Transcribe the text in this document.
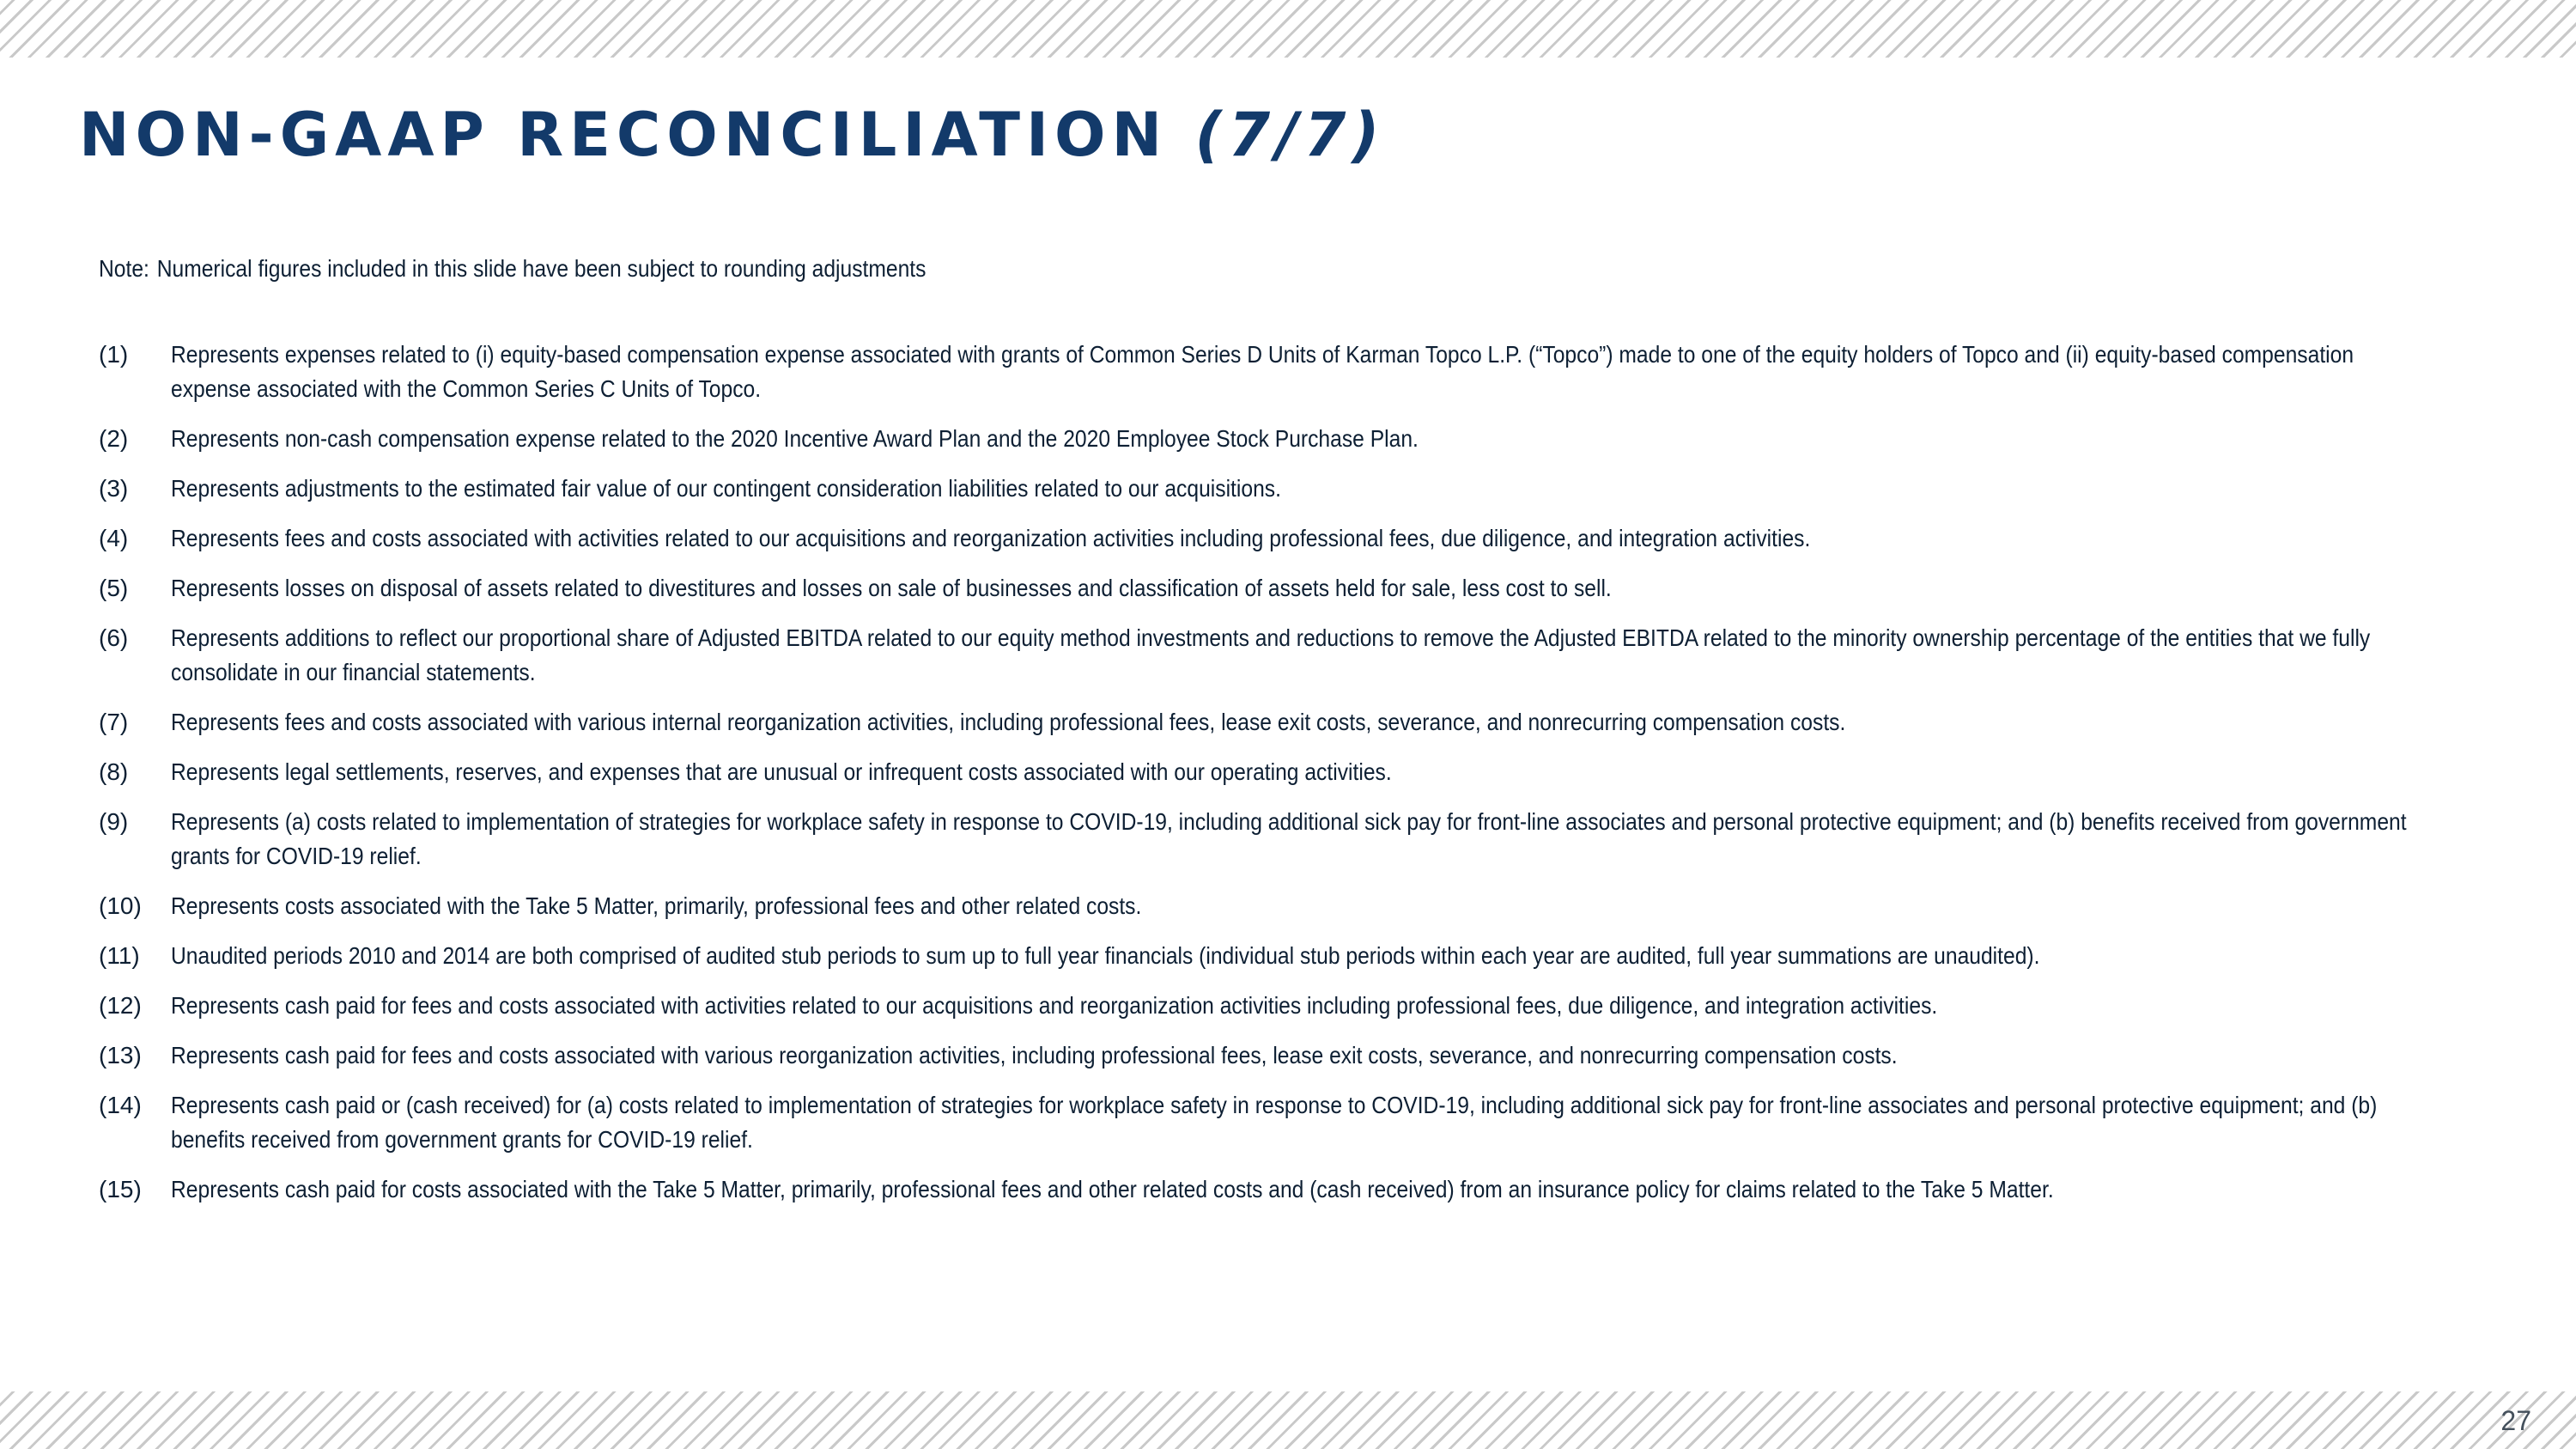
NON-GAAP RECONCILIATION (7/7)
Note: Numerical figures included in this slide have been subject to rounding adjustments
(1)	Represents expenses related to (i) equity-based compensation expense associated with grants of Common Series D Units of Karman Topco L.P. (“Topco”) made to one of the equity holders of Topco and (ii) equity-based compensation expense associated with the Common Series C Units of Topco.
(2)	Represents non-cash compensation expense related to the 2020 Incentive Award Plan and the 2020 Employee Stock Purchase Plan.
(3)	Represents adjustments to the estimated fair value of our contingent consideration liabilities related to our acquisitions.
(4)	Represents fees and costs associated with activities related to our acquisitions and reorganization activities including professional fees, due diligence, and integration activities.
(5)	Represents losses on disposal of assets related to divestitures and losses on sale of businesses and classification of assets held for sale, less cost to sell.
(6)	Represents additions to reflect our proportional share of Adjusted EBITDA related to our equity method investments and reductions to remove the Adjusted EBITDA related to the minority ownership percentage of the entities that we fully consolidate in our financial statements.
(7)	Represents fees and costs associated with various internal reorganization activities, including professional fees, lease exit costs, severance, and nonrecurring compensation costs.
(8)	Represents legal settlements, reserves, and expenses that are unusual or infrequent costs associated with our operating activities.
(9)	Represents (a) costs related to implementation of strategies for workplace safety in response to COVID-19, including additional sick pay for front-line associates and personal protective equipment; and (b) benefits received from government grants for COVID-19 relief.
(10)	Represents costs associated with the Take 5 Matter, primarily, professional fees and other related costs.
(11)	Unaudited periods 2010 and 2014 are both comprised of audited stub periods to sum up to full year financials (individual stub periods within each year are audited, full year summations are unaudited).
(12)	Represents cash paid for fees and costs associated with activities related to our acquisitions and reorganization activities including professional fees, due diligence, and integration activities.
(13)	Represents cash paid for fees and costs associated with various reorganization activities, including professional fees, lease exit costs, severance, and nonrecurring compensation costs.
(14)	Represents cash paid or (cash received) for (a) costs related to implementation of strategies for workplace safety in response to COVID-19, including additional sick pay for front-line associates and personal protective equipment; and (b) benefits received from government grants for COVID-19 relief.
(15)	Represents cash paid for costs associated with the Take 5 Matter, primarily, professional fees and other related costs and (cash received) from an insurance policy for claims related to the Take 5 Matter.
27
